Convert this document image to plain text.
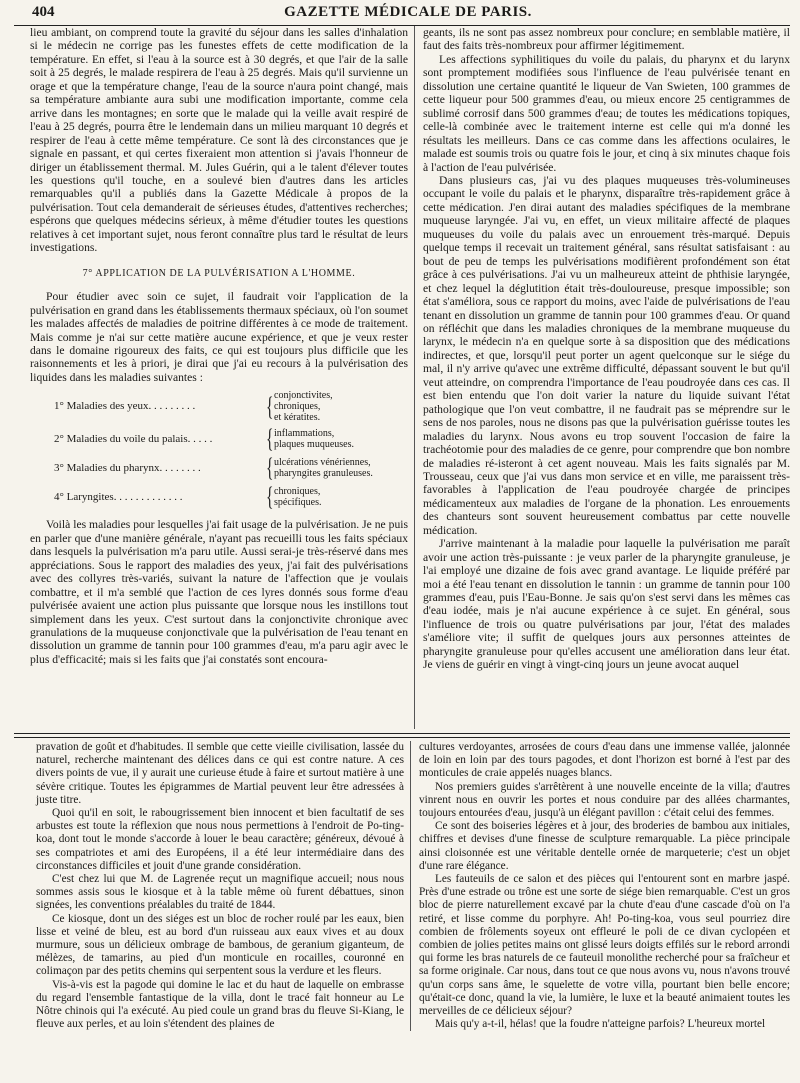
404	GAZETTE MÉDICALE DE PARIS.

lieu ambiant, on comprend toute la gravité du séjour dans les salles d'inhalation si le médecin ne corrige pas les funestes effets de cette modification de la température. En effet, si l'eau à la source est à 30 degrés, et que l'air de la salle soit à 25 degrés, le malade respirera de l'eau à 25 degrés. Mais qu'il survienne un orage et que la température change, l'eau de la source n'aura point changé, mais sa température ambiante aura subi une modification importante, comme cela arrive dans les montagnes; en sorte que le malade qui la veille avait respiré de l'eau à 25 degrés, pourra être le lendemain dans un milieu marquant 10 degrés et respirer de l'eau à cette même température. Ce sont là des circonstances que je signale en passant, et qui certes fixeraient mon attention si j'avais l'honneur de diriger un établissement thermal. M. Jules Guérin, qui a le talent d'élever toutes les questions qu'il touche, en a soulevé bien d'autres dans les articles remarquables qu'il a publiés dans la Gazette Médicale à propos de la pulvérisation. Tout cela demanderait de sérieuses études, d'attentives recherches; espérons que quelques médecins sérieux, à même d'étudier toutes les questions relatives à cet important sujet, nous feront connaître plus tard le résultat de leurs investigations.

7° APPLICATION DE LA PULVÉRISATION A L'HOMME.

Pour étudier avec soin ce sujet, il faudrait voir l'application de la pulvérisation en grand dans les établissements thermaux spéciaux, où l'on soumet les malades affectés de maladies de poitrine différentes à ce mode de traitement. Mais comme je n'ai sur cette matière aucune expérience, et que je veux rester dans le domaine rigoureux des faits, ce qui est toujours plus difficile que les raisonnements et les à priori, je dirai que j'ai eu recours à la pulvérisation des liquides dans les maladies suivantes :

1° Maladies des yeux. . . . . . . . .	{ conjonctivites,
chroniques,
et kératites.
2° Maladies du voile du palais. . . . .	{ inflammations,
plaques muqueuses.
3° Maladies du pharynx. . . . . . . .	{ ulcérations vénériennes,
pharyngites granuleuses.
4° Laryngites. . . . . . . . . . . . .	{ chroniques,
spécifiques.

Voilà les maladies pour lesquelles j'ai fait usage de la pulvérisation. Je ne puis en parler que d'une manière générale, n'ayant pas recueilli tous les faits spéciaux dans lesquels la pulvérisation m'a paru utile. Aussi serai-je très-réservé dans mes appréciations. Sous le rapport des maladies des yeux, j'ai fait des pulvérisations avec des collyres très-variés, suivant la nature de l'affection que je voulais combattre, et il m'a semblé que l'action de ces lyres donnés sous forme d'eau pulvérisée avaient une action plus puissante que lorsque nous les instillons tout simplement dans les yeux. C'est surtout dans la conjonctivite chronique avec granulations de la muqueuse conjonctivale que la pulvérisation de l'eau tenant en dissolution un gramme de tannin pour 100 grammes d'eau, m'a paru agir avec le plus d'efficacité; mais si les faits que j'ai constatés sont encoura-

geants, ils ne sont pas assez nombreux pour conclure; en semblable matière, il faut des faits très-nombreux pour affirmer légitimement.

Les affections syphilitiques du voile du palais, du pharynx et du larynx sont promptement modifiées sous l'influence de l'eau pulvérisée tenant en dissolution une certaine quantité le liqueur de Van Swieten, 100 grammes de cette liqueur pour 500 grammes d'eau, ou mieux encore 25 centigrammes de sublimé corrosif dans 500 grammes d'eau; de toutes les médications topiques, celle-là combinée avec le traitement interne est celle qui m'a donné les résultats les meilleurs. Dans ce cas comme dans les affections oculaires, le malade est soumis trois ou quatre fois le jour, et cinq à six minutes chaque fois à l'action de l'eau pulvérisée.

Dans plusieurs cas, j'ai vu des plaques muqueuses très-volumineuses occupant le voile du palais et le pharynx, disparaître très-rapidement grâce à cette médication. J'en dirai autant des maladies spécifiques de la membrane muqueuse laryngée. J'ai vu, en effet, un vieux militaire affecté de plaques muqueuses du voile du palais avec un enrouement très-marqué. Depuis quelque temps il recevait un traitement général, sans résultat satisfaisant : au bout de peu de temps les pulvérisations modifièrent profondément son état grâce à ces pulvérisations. J'ai vu un malheureux atteint de phthisie laryngée, et chez lequel la déglutition était très-douloureuse, presque impossible; son état s'améliora, sous ce rapport du moins, avec l'aide de pulvérisations de l'eau tenant en dissolution un gramme de tannin pour 100 grammes d'eau. Or quand on réfléchit que dans les maladies chroniques de la membrane muqueuse du larynx, le médecin n'a en quelque sorte à sa disposition que des médications indirectes, et que, lorsqu'il peut porter un agent quelconque sur le siége du mal, il n'y arrive qu'avec une extrême difficulté, dépassant souvent le but qu'il veut atteindre, on comprendra l'importance de l'eau poudroyée dans ces cas. Il est bien entendu que l'on doit varier la nature du liquide suivant l'état pathologique que l'on veut combattre, il ne faudrait pas se méprendre sur le sens de nos paroles, nous ne disons pas que la pulvérisation guérisse toutes les maladies du larynx. Nous avons eu trop souvent l'occasion de faire la trachéotomie pour des maladies de ce genre, pour comprendre que bon nombre de maladies ré-isteront à cet agent nouveau. Mais les faits signalés par M. Trousseau, ceux que j'ai vus dans mon service et en ville, me paraissent très-favorables à l'application de l'eau poudroyée chargée de principes médicamenteux aux maladies de l'organe de la phonation. Les enrouements des chanteurs sont souvent heureusement combattus par cette nouvelle médication.

J'arrive maintenant à la maladie pour laquelle la pulvérisation me paraît avoir une action très-puissante : je veux parler de la pharyngite granuleuse, je l'ai employé une dizaine de fois avec grand avantage. Le liquide préféré par moi a été l'eau tenant en dissolution le tannin : un gramme de tannin pour 100 grammes d'eau, puis l'Eau-Bonne. Je sais qu'on s'est servi dans les mêmes cas d'eau iodée, mais je n'ai aucune expérience à ce sujet. En général, sous l'influence de trois ou quatre pulvérisations par jour, l'état des malades s'améliore vite; il suffit de quelques jours aux personnes atteintes de pharyngite granuleuse pour qu'elles accusent une amélioration dans leur état. Je viens de guérir en vingt à vingt-cinq jours un jeune avocat auquel

pravation de goût et d'habitudes. Il semble que cette vieille civilisation, lassée du naturel, recherche maintenant des délices dans ce qui est contre nature. A ces divers points de vue, il y aurait une curieuse étude à faire et surtout matière à une sévère critique. Toutes les épigrammes de Martial peuvent leur être adressées à juste titre.

Quoi qu'il en soit, le rabougrissement bien innocent et bien facultatif de ses arbustes est toute la réflexion que nous nous permettions à l'endroit de Po-ting-koa, dont tout le monde s'accorde à louer le beau caractère; généreux, dévoué à ses compatriotes et ami des Européens, il a été leur intermédiaire dans des circonstances difficiles et jouit d'une grande considération.

C'est chez lui que M. de Lagrenée reçut un magnifique accueil; nous nous sommes assis sous le kiosque et à la table même où furent débattues, sinon signées, les conventions préalables du traité de 1844.

Ce kiosque, dont un des siéges est un bloc de rocher roulé par les eaux, bien lisse et veiné de bleu, est au bord d'un ruisseau aux eaux vives et au doux murmure, sous un délicieux ombrage de bambous, de geranium giganteum, de mélèzes, de tamarins, au pied d'un monticule en rocailles, couronné en colimaçon par des petits chemins qui serpentent sous la verdure et les fleurs.

Vis-à-vis est la pagode qui domine le lac et du haut de laquelle on embrasse du regard l'ensemble fantastique de la villa, dont le tracé fait honneur au Le Nôtre chinois qui l'a exécuté. Au pied coule un grand bras du fleuve Si-Kiang, le fleuve aux perles, et au loin s'étendent des plaines de

cultures verdoyantes, arrosées de cours d'eau dans une immense vallée, jalonnée de loin en loin par des tours pagodes, et dont l'horizon est borné à l'est par des monticules de craie appelés nuages blancs.

Nos premiers guides s'arrêtèrent à une nouvelle enceinte de la villa; d'autres vinrent nous en ouvrir les portes et nous conduire par des allées charmantes, toujours entourées d'eau, jusqu'à un élégant pavillon : c'était celui des femmes.

Ce sont des boiseries légères et à jour, des broderies de bambou aux initiales, chiffres et devises d'une finesse de sculpture remarquable. La pièce principale ainsi cloisonnée est une véritable dentelle ornée de marqueterie; c'est un objet d'une rare élégance.

Les fauteuils de ce salon et des pièces qui l'entourent sont en marbre jaspé. Près d'une estrade ou trône est une sorte de siége bien remarquable. C'est un gros bloc de pierre naturellement excavé par la chute d'eau d'une cascade d'où on l'a retiré, et lisse comme du porphyre. Ah! Po-ting-koa, vous seul pourriez dire combien de frôlements soyeux ont effleuré le poli de ce divan cyclopéen et combien de jolies petites mains ont glissé leurs doigts effilés sur le rebord arrondi qui forme les bras naturels de ce fauteuil monolithe recherché pour sa fraîcheur et sa forme originale. Car nous, dans tout ce que nous avons vu, nous n'avons trouvé qu'un corps sans âme, le squelette de votre villa, pourtant bien belle encore; qu'était-ce donc, quand la vie, la lumière, le luxe et la beauté animaient toutes les merveilles de ce délicieux séjour?

Mais qu'y a-t-il, hélas! que la foudre n'atteigne parfois? L'heureux mortel
